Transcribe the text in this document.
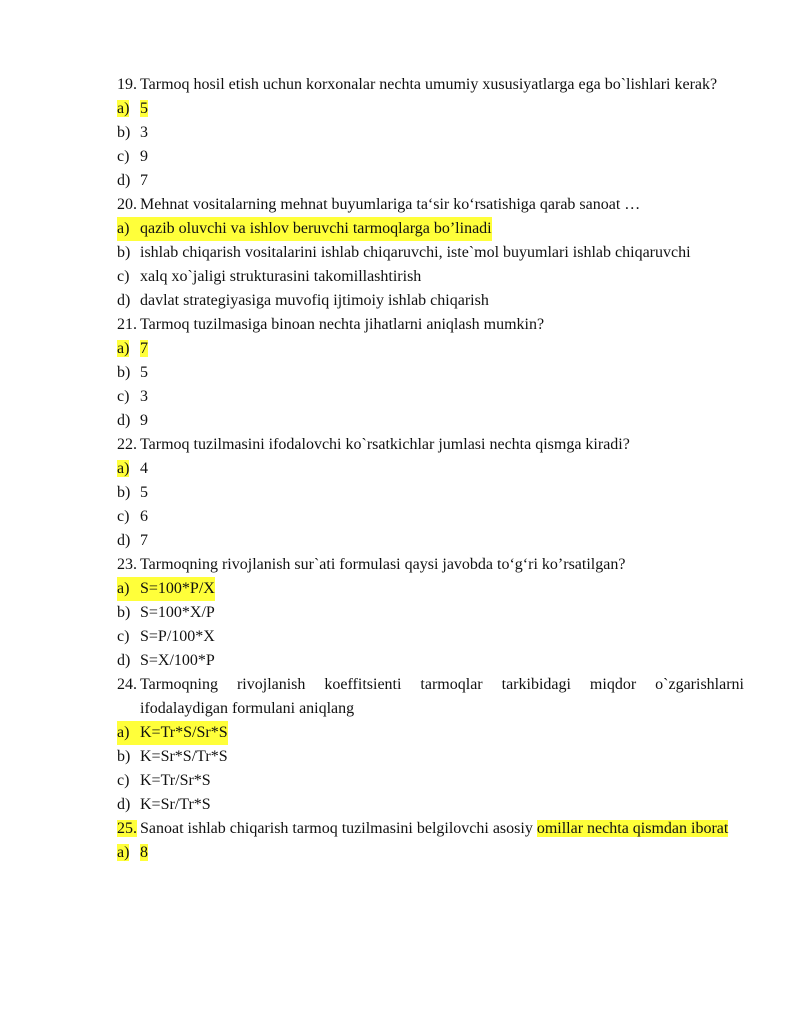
19. Tarmoq hosil etish uchun korxonalar nechta umumiy xususiyatlarga ega bo`lishlari kerak?
a) 5
b) 3
c) 9
d) 7
20. Mehnat vositalarning mehnat buyumlariga ta‘sir ko‘rsatishiga qarab sanoat …
a) qazib oluvchi va ishlov beruvchi tarmoqlarga bo’linadi
b) ishlab chiqarish vositalarini ishlab chiqaruvchi, iste`mol buyumlari ishlab chiqaruvchi
c) xalq xo`jaligi strukturasini takomillashtirish
d) davlat strategiyasiga muvofiq ijtimoiy ishlab chiqarish
21. Tarmoq tuzilmasiga binoan nechta jihatlarni aniqlash mumkin?
a) 7
b) 5
c) 3
d) 9
22. Tarmoq tuzilmasini ifodalovchi ko`rsatkichlar jumlasi nechta qismga kiradi?
a) 4
b) 5
c) 6
d) 7
23. Tarmoqning rivojlanish sur`ati formulasi qaysi javobda to‘g‘ri ko’rsatilgan?
a) S=100*P/X
b) S=100*X/P
c) S=P/100*X
d) S=X/100*P
24. Tarmoqning rivojlanish koeffitsienti tarmoqlar tarkibidagi miqdor o`zgarishlarni ifodalaydigan formulani aniqlang
a) K=Tr*S/Sr*S
b) K=Sr*S/Tr*S
c) K=Tr/Sr*S
d) K=Sr/Tr*S
25. Sanoat ishlab chiqarish tarmoq tuzilmasini belgilovchi asosiy omillar nechta qismdan iborat
a) 8
